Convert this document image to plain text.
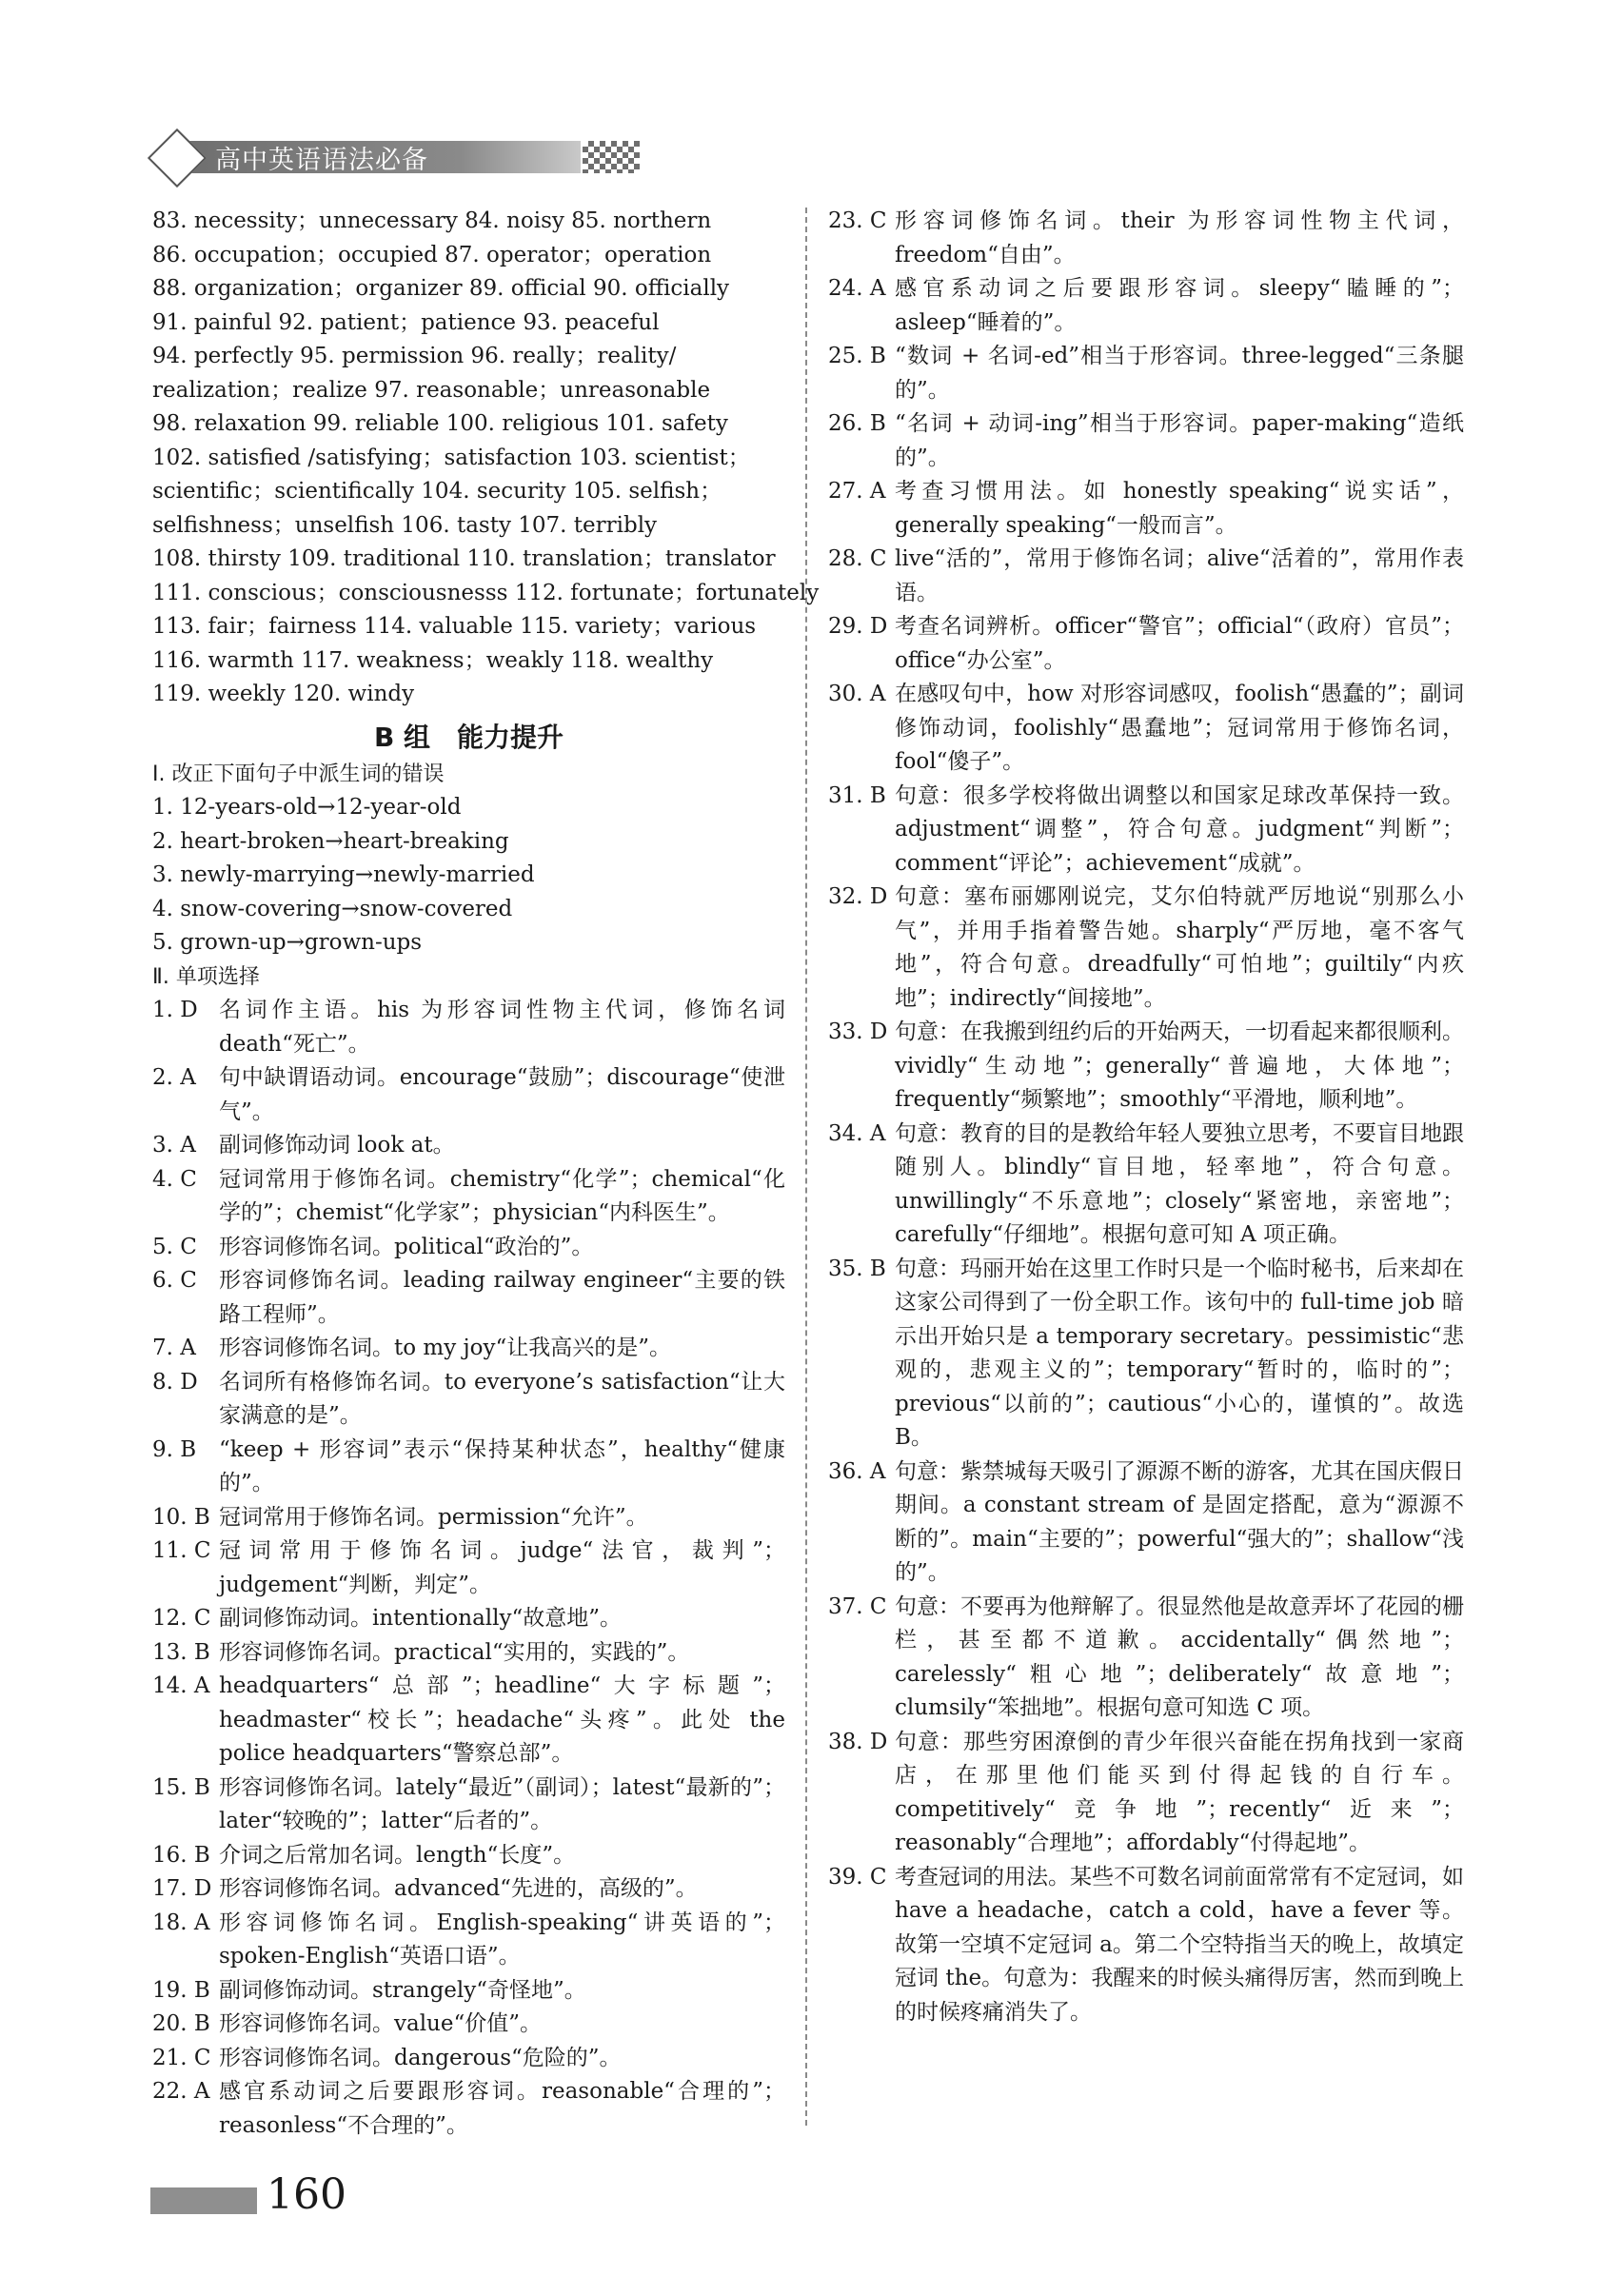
高中英语语法必备
83. necessity；unnecessary 84. noisy 85. northern
86. occupation；occupied 87. operator；operation
88. organization；organizer 89. official 90. officially
91. painful 92. patient；patience 93. peaceful
94. perfectly 95. permission 96. really；reality/
realization；realize 97. reasonable；unreasonable
98. relaxation 99. reliable 100. religious 101. safety
102. satisfied /satisfying；satisfaction 103. scientist；
scientific；scientifically 104. security 105. selfish；
selfishness；unselfish 106. tasty 107. terribly
108. thirsty 109. traditional 110. translation；translator
111. conscious；consciousnesss 112. fortunate；fortunately
113. fair；fairness 114. valuable 115. variety；various
116. warmth 117. weakness；weakly 118. wealthy
119. weekly 120. windy
B 组　能力提升
Ⅰ. 改正下面句子中派生词的错误
1. 12-years-old→12-year-old
2. heart-broken→heart-breaking
3. newly-marrying→newly-married
4. snow-covering→snow-covered
5. grown-up→grown-ups
Ⅱ. 单项选择
1. D 名词作主语。his 为形容词性物主代词，修饰名词 death“死亡”。
2. A	句中缺谓语动词。encourage“鼓励”；discourage“使泄气”。
3. A	副词修饰动词 look at。
4. C	冠词常用于修饰名词。chemistry“化学”；chemical“化学的”；chemist“化学家”；physician“内科医生”。
5. C	形容词修饰名词。political“政治的”。
6. C	形容词修饰名词。leading railway engineer“主要的铁路工程师”。
7. A	形容词修饰名词。to my joy“让我高兴的是”。
8. D 名词所有格修饰名词。to everyone’s satisfaction“让大家满意的是”。
9. B	“keep + 形容词”表示“保持某种状态”，healthy“健康的”。
10. B 冠词常用于修饰名词。permission“允许”。
11. C 冠词常用于修饰名词。judge“法官，裁判”；judgement“判断，判定”。
12. C 副词修饰动词。intentionally“故意地”。
13. B 形容词修饰名词。practical“实用的，实践的”。
14. A headquarters“总部”；headline“大字标题”；headmaster“校长”；headache“头疼”。此处 the police headquarters“警察总部”。
15. B 形容词修饰名词。lately“最近”（副词）；latest“最新的”；later“较晚的”；latter“后者的”。
16. B 介词之后常加名词。length“长度”。
17. D 形容词修饰名词。advanced“先进的，高级的”。
18. A 形容词修饰名词。English-speaking“讲英语的”；spoken-English“英语口语”。
19. B 副词修饰动词。strangely“奇怪地”。
20. B 形容词修饰名词。value“价值”。
21. C 形容词修饰名词。dangerous“危险的”。
22. A 感官系动词之后要跟形容词。reasonable“合理的”；reasonless“不合理的”。
23. C 形容词修饰名词。their 为形容词性物主代词，freedom“自由”。
24. A 感官系动词之后要跟形容词。sleepy“瞌睡的”；asleep“睡着的”。
25. B “数词 + 名词-ed”相当于形容词。three-legged“三条腿的”。
26. B “名词 + 动词-ing”相当于形容词。paper-making“造纸的”。
27. A 考查习惯用法。如 honestly speaking“说实话”，generally speaking“一般而言”。
28. C live“活的”，常用于修饰名词；alive“活着的”，常用作表语。
29. D 考查名词辨析。officer“警官”；official“（政府）官员”；office“办公室”。
30. A 在感叹句中，how 对形容词感叹，foolish“愚蠢的”；副词修饰动词，foolishly“愚蠢地”；冠词常用于修饰名词，fool“傻子”。
31. B 句意：很多学校将做出调整以和国家足球改革保持一致。adjustment“调整”，符合句意。judgment“判断”；comment“评论”；achievement“成就”。
32. D 句意：塞布丽娜刚说完，艾尔伯特就严厉地说“别那么小气”，并用手指着警告她。sharply“严厉地，毫不客气地”，符合句意。dreadfully“可怕地”；guiltily“内疚地”；indirectly“间接地”。
33. D 句意：在我搬到纽约后的开始两天，一切看起来都很顺利。vividly“生动地”；generally“普遍地，大体地”；frequently“频繁地”；smoothly“平滑地，顺利地”。
34. A 句意：教育的目的是教给年轻人要独立思考，不要盲目地跟随别人。blindly“盲目地，轻率地”，符合句意。unwillingly“不乐意地”；closely“紧密地，亲密地”；carefully“仔细地”。根据句意可知 A 项正确。
35. B 句意：玛丽开始在这里工作时只是一个临时秘书，后来却在这家公司得到了一份全职工作。该句中的 full-time job 暗示出开始只是 a temporary secretary。pessimistic“悲观的，悲观主义的”；temporary“暂时的，临时的”；previous“以前的”；cautious“小心的，谨慎的”。故选 B。
36. A 句意：紫禁城每天吸引了源源不断的游客，尤其在国庆假日期间。a constant stream of 是固定搭配，意为“源源不断的”。main“主要的”；powerful“强大的”；shallow“浅的”。
37. C 句意：不要再为他辩解了。很显然他是故意弄坏了花园的栅栏，甚至都不道歉。accidentally“偶然地”；carelessly“粗心地”；deliberately“故意地”；clumsily“笨拙地”。根据句意可知选 C 项。
38. D 句意：那些穷困潦倒的青少年很兴奋能在拐角找到一家商店，在那里他们能买到付得起钱的自行车。competitively“竞争地”；recently“近来”；reasonably“合理地”；affordably“付得起地”。
39. C 考查冠词的用法。某些不可数名词前面常常有不定冠词，如 have a headache，catch a cold，have a fever 等。故第一空填不定冠词 a。第二个空特指当天的晚上，故填定冠词 the。句意为：我醒来的时候头痛得厉害，然而到晚上的时候疼痛消失了。
160
